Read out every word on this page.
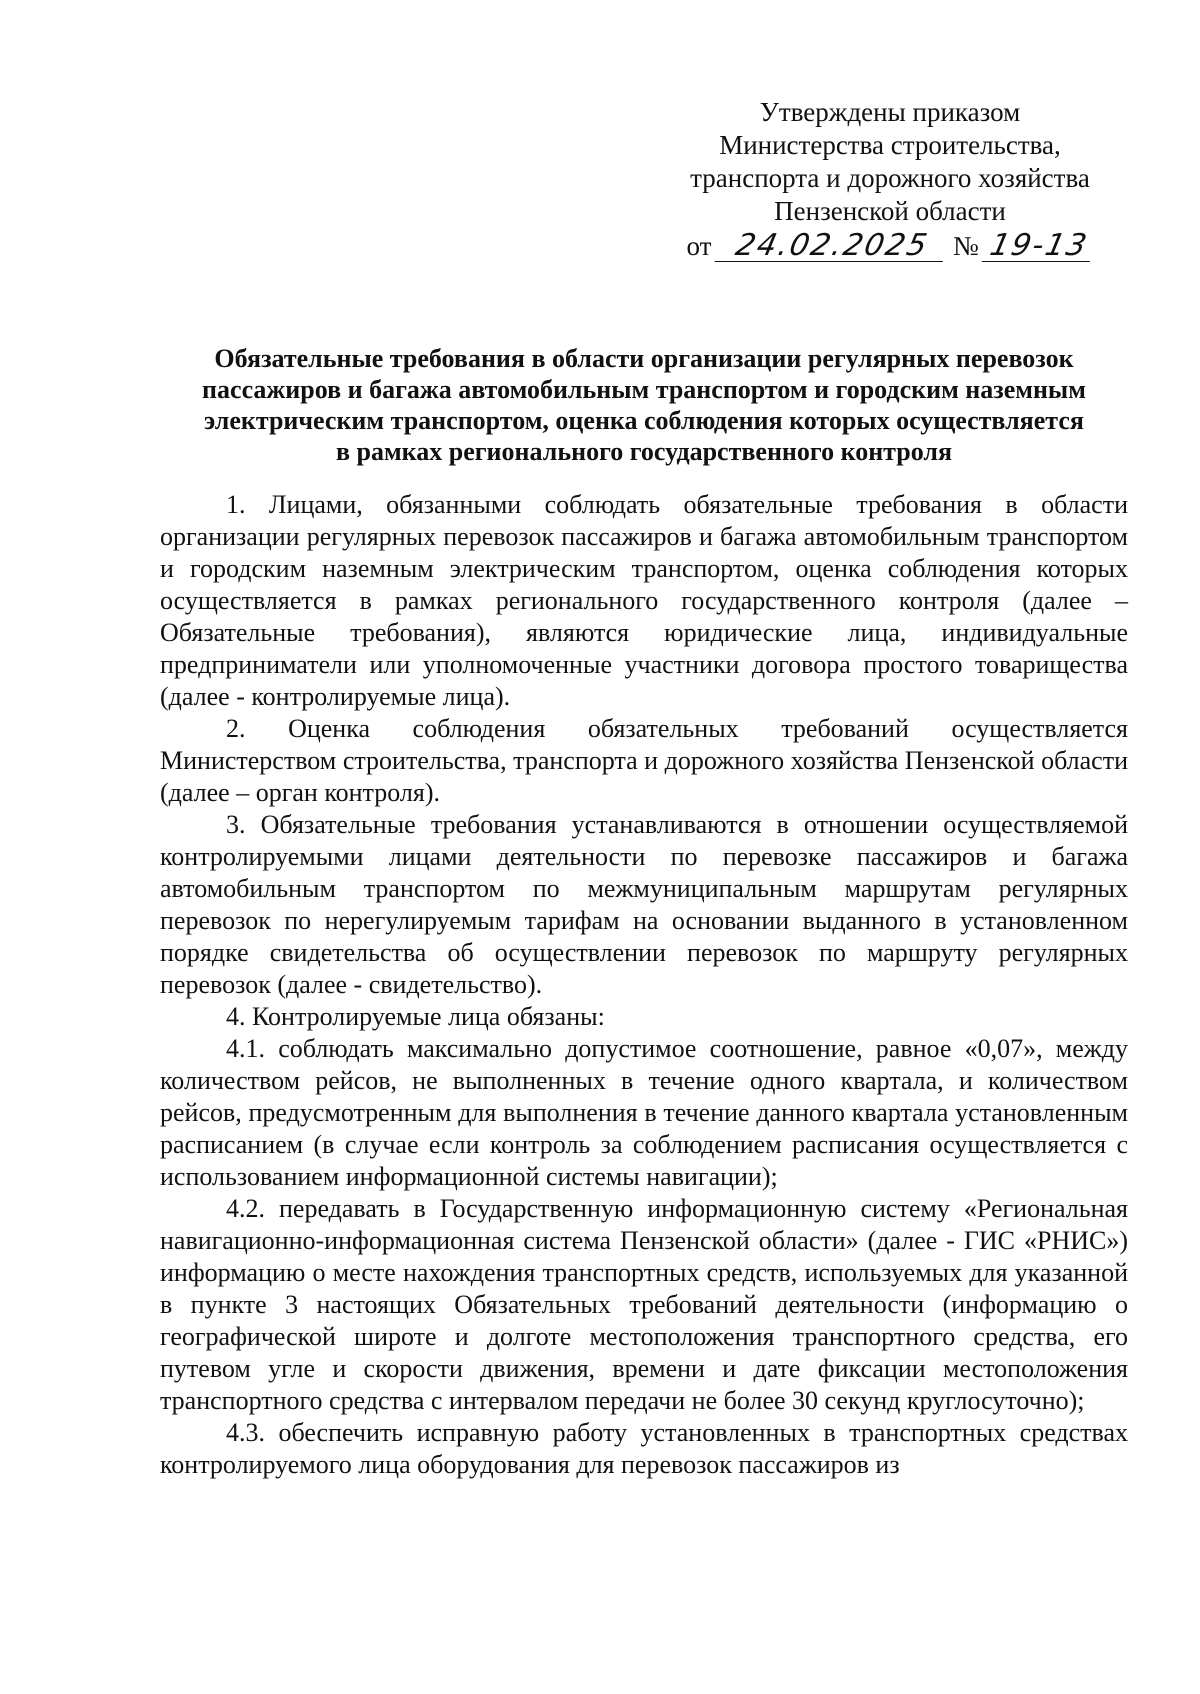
Утверждены приказом
Министерства строительства,
транспорта и дорожного хозяйства
Пензенской области
от 24.02.2025 № 19-13
Обязательные требования в области организации регулярных перевозок
пассажиров и багажа автомобильным транспортом и городским наземным
электрическим транспортом, оценка соблюдения которых осуществляется
в рамках регионального государственного контроля

1. Лицами, обязанными соблюдать обязательные требования в области организации регулярных перевозок пассажиров и багажа автомобильным транспортом и городским наземным электрическим транспортом, оценка соблюдения которых осуществляется в рамках регионального государственного контроля (далее – Обязательные требования), являются юридические лица, индивидуальные предприниматели или уполномоченные участники договора простого товарищества (далее - контролируемые лица).

2. Оценка соблюдения обязательных требований осуществляется Министерством строительства, транспорта и дорожного хозяйства Пензенской области (далее – орган контроля).

3. Обязательные требования устанавливаются в отношении осуществляемой контролируемыми лицами деятельности по перевозке пассажиров и багажа автомобильным транспортом по межмуниципальным маршрутам регулярных перевозок по нерегулируемым тарифам на основании выданного в установленном порядке свидетельства об осуществлении перевозок по маршруту регулярных перевозок (далее - свидетельство).

4. Контролируемые лица обязаны:

4.1. соблюдать максимально допустимое соотношение, равное «0,07», между количеством рейсов, не выполненных в течение одного квартала, и количеством рейсов, предусмотренным для выполнения в течение данного квартала установленным расписанием (в случае если контроль за соблюдением расписания осуществляется с использованием информационной системы навигации);

4.2. передавать в Государственную информационную систему «Региональная навигационно-информационная система Пензенской области» (далее - ГИС «РНИС») информацию о месте нахождения транспортных средств, используемых для указанной в пункте 3 настоящих Обязательных требований деятельности (информацию о географической широте и долготе местоположения транспортного средства, его путевом угле и скорости движения, времени и дате фиксации местоположения транспортного средства с интервалом передачи не более 30 секунд круглосуточно);

4.3. обеспечить исправную работу установленных в транспортных средствах контролируемого лица оборудования для перевозок пассажиров из
